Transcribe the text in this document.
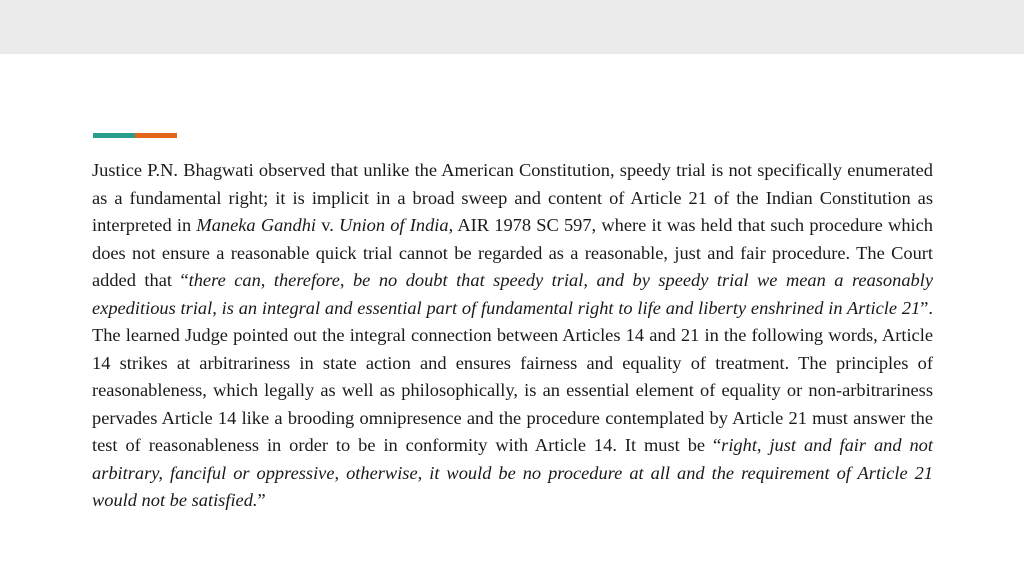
Justice P.N. Bhagwati observed that unlike the American Constitution, speedy trial is not specifically enumerated as a fundamental right; it is implicit in a broad sweep and content of Article 21 of the Indian Constitution as interpreted in Maneka Gandhi v. Union of India, AIR 1978 SC 597, where it was held that such procedure which does not ensure a reasonable quick trial cannot be regarded as a reasonable, just and fair procedure. The Court added that “there can, therefore, be no doubt that speedy trial, and by speedy trial we mean a reasonably expeditious trial, is an integral and essential part of fundamental right to life and liberty enshrined in Article 21”. The learned Judge pointed out the integral connection between Articles 14 and 21 in the following words, Article 14 strikes at arbitrariness in state action and ensures fairness and equality of treatment. The principles of reasonableness, which legally as well as philosophically, is an essential element of equality or non-arbitrariness pervades Article 14 like a brooding omnipresence and the procedure contemplated by Article 21 must answer the test of reasonableness in order to be in conformity with Article 14. It must be “right, just and fair and not arbitrary, fanciful or oppressive, otherwise, it would be no procedure at all and the requirement of Article 21 would not be satisfied.”
